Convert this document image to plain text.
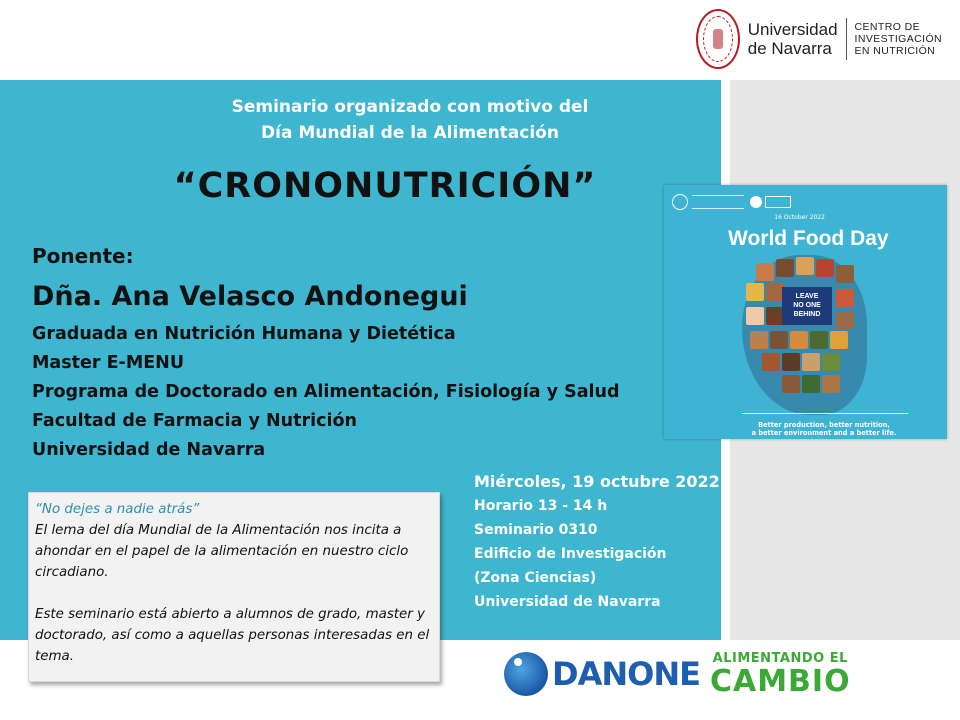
Universidad
de Navarra
CENTRO DE
INVESTIGACIÓN
EN NUTRICIÓN
Seminario organizado con motivo del
Día Mundial de la Alimentación
“CRONONUTRICIÓN”
Ponente:
Dña. Ana Velasco Andonegui
Graduada en Nutrición Humana y Dietética
Master E-MENU
Programa de Doctorado en Alimentación, Fisiología y Salud
Facultad de Farmacia y Nutrición
Universidad de Navarra
Miércoles, 19 octubre 2022
Horario 13 - 14 h
Seminario 0310
Edificio de Investigación
(Zona Ciencias)
Universidad de Navarra

“No dejes a nadie atrás”

El lema del día Mundial de la Alimentación nos incita a ahondar en el papel de la alimentación en nuestro ciclo circadiano.

Este seminario está abierto a alumnos de grado, master y doctorado, así como a aquellas personas interesadas en el tema.

16 October 2022
World Food Day
LEAVE
NO ONE
BEHIND
Better production, better nutrition,
a better environment and a better life.
DANONE ALIMENTANDO EL
CAMBIO
